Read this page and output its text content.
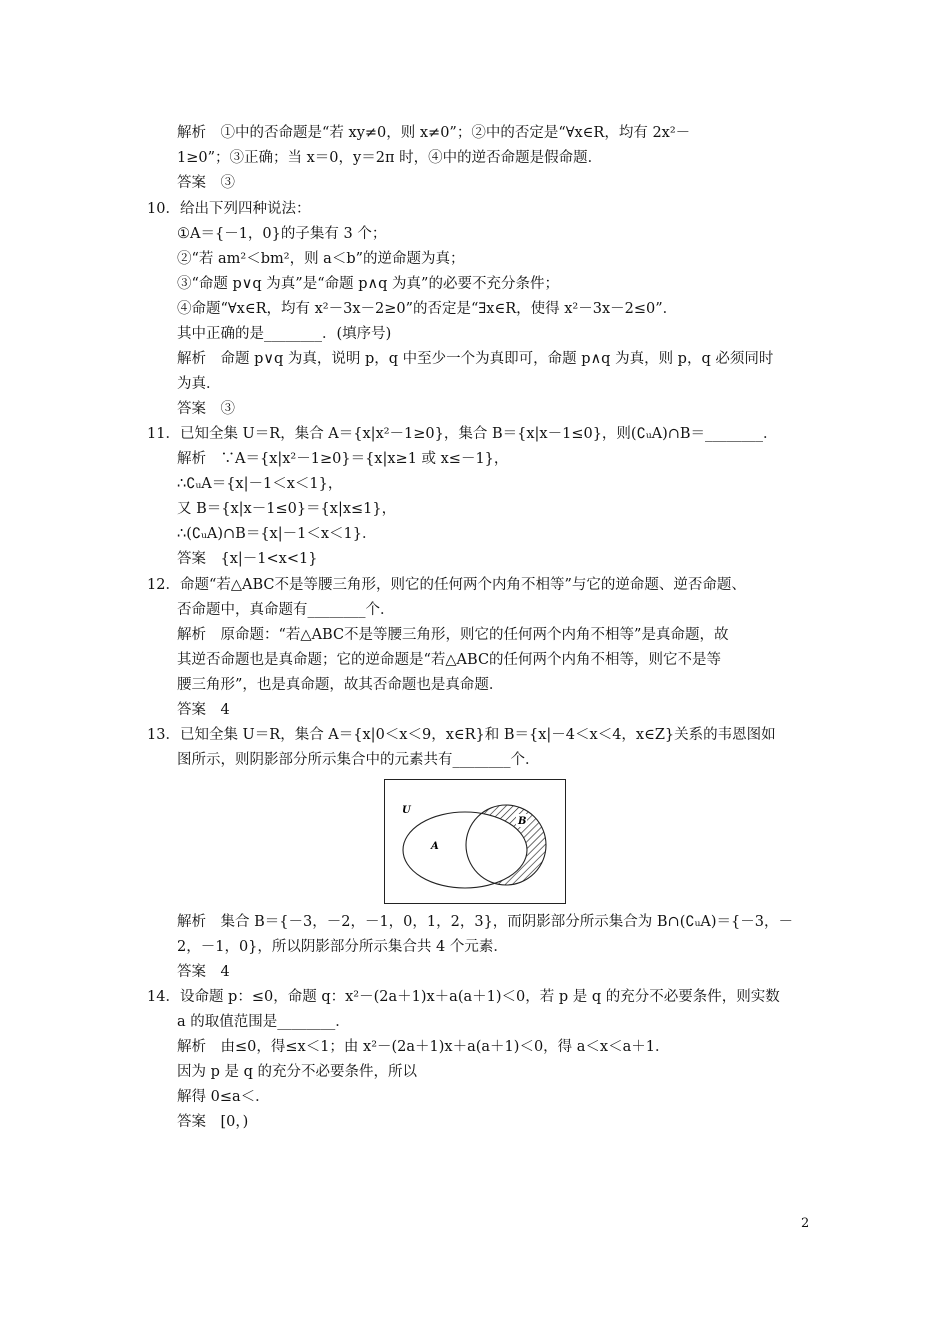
解析　①中的否命题是“若 xy≠0，则 x≠0”；②中的否定是“∀x∈R，均有 2x²－
1≥0”；③正确；当 x＝0，y＝2π 时，④中的逆否命题是假命题．
答案　③
10．给出下列四种说法：
①A＝{－1，0}的子集有 3 个；
②“若 am²＜bm²，则 a＜b”的逆命题为真；
③“命题 p∨q 为真”是“命题 p∧q 为真”的必要不充分条件；
④命题“∀x∈R，均有 x²－3x－2≥0”的否定是“∃x∈R，使得 x²－3x－2≤0”．
其中正确的是________．(填序号)
解析　命题 p∨q 为真，说明 p，q 中至少一个为真即可，命题 p∧q 为真，则 p，q 必须同时
为真．
答案　③
11．已知全集 U＝R，集合 A＝{x|x²－1≥0}，集合 B＝{x|x－1≤0}，则(∁ᵤA)∩B＝________．
解析　∵A＝{x|x²－1≥0}＝{x|x≥1 或 x≤－1}，
∴∁ᵤA＝{x|－1＜x＜1}，
又 B＝{x|x－1≤0}＝{x|x≤1}，
∴(∁ᵤA)∩B＝{x|－1＜x＜1}．
答案　{x|－1<x<1}
12．命题“若△ABC不是等腰三角形，则它的任何两个内角不相等”与它的逆命题、逆否命题、
否命题中，真命题有________个．
解析　原命题：“若△ABC不是等腰三角形，则它的任何两个内角不相等”是真命题，故
其逆否命题也是真命题；它的逆命题是“若△ABC的任何两个内角不相等，则它不是等
腰三角形”，也是真命题，故其否命题也是真命题．
答案　4
13．已知全集 U＝R，集合 A＝{x|0＜x＜9，x∈R}和 B＝{x|－4＜x＜4，x∈Z}关系的韦恩图如
图所示，则阴影部分所示集合中的元素共有________个．
U
A
B
解析　集合 B＝{－3，－2，－1，0，1，2，3}，而阴影部分所示集合为 B∩(∁ᵤA)＝{－3，－
2，－1，0}，所以阴影部分所示集合共 4 个元素．
答案　4
14．设命题 p：≤0，命题 q：x²－(2a＋1)x＋a(a＋1)＜0，若 p 是 q 的充分不必要条件，则实数
a 的取值范围是________．
解析　由≤0，得≤x＜1；由 x²－(2a＋1)x＋a(a＋1)＜0，得 a＜x＜a＋1．
因为 p 是 q 的充分不必要条件，所以
解得 0≤a＜．
答案　[0，)
2
